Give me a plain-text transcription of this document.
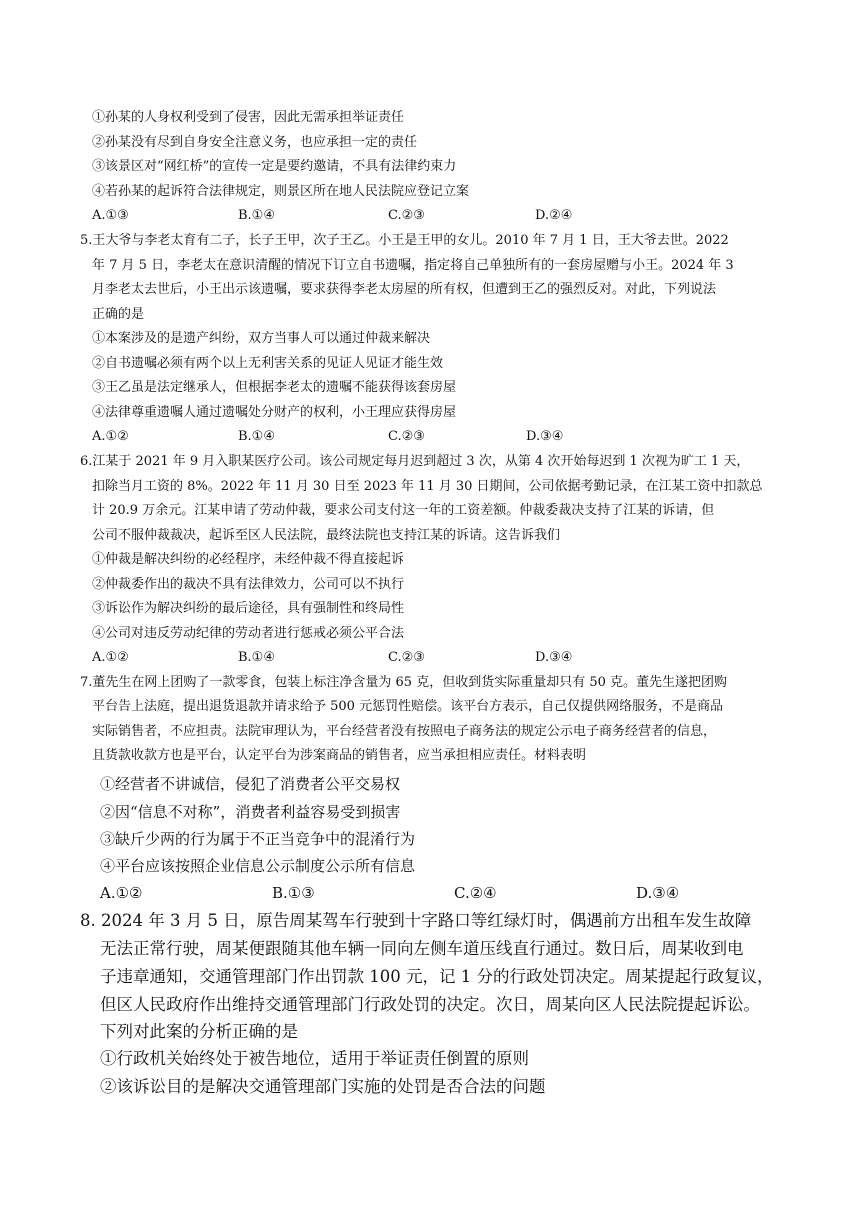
①孙某的人身权利受到了侵害，因此无需承担举证责任
②孙某没有尽到自身安全注意义务，也应承担一定的责任
③该景区对“网红桥”的宣传一定是要约邀请，不具有法律约束力
④若孙某的起诉符合法律规定，则景区所在地人民法院应登记立案
A.①③	B.①④	C.②③	D.②④
5.王大爷与李老太育有二子，长子王甲，次子王乙。小王是王甲的女儿。2010 年 7 月 1 日，王大爷去世。2022
年 7 月 5 日，李老太在意识清醒的情况下订立自书遗嘱，指定将自己单独所有的一套房屋赠与小王。2024 年 3
月李老太去世后，小王出示该遗嘱，要求获得李老太房屋的所有权，但遭到王乙的强烈反对。对此，下列说法
正确的是
①本案涉及的是遗产纠纷，双方当事人可以通过仲裁来解决
②自书遗嘱必须有两个以上无利害关系的见证人见证才能生效
③王乙虽是法定继承人，但根据李老太的遗嘱不能获得该套房屋
④法律尊重遗嘱人通过遗嘱处分财产的权利，小王理应获得房屋
A.①②	B.①④	C.②③	D.③④
6.江某于 2021 年 9 月入职某医疗公司。该公司规定每月迟到超过 3 次，从第 4 次开始每迟到 1 次视为旷工 1 天，
扣除当月工资的 8%。2022 年 11 月 30 日至 2023 年 11 月 30 日期间，公司依据考勤记录，在江某工资中扣款总
计 20.9 万余元。江某申请了劳动仲裁，要求公司支付这一年的工资差额。仲裁委裁决支持了江某的诉请，但
公司不服仲裁裁决，起诉至区人民法院，最终法院也支持江某的诉请。这告诉我们
①仲裁是解决纠纷的必经程序，未经仲裁不得直接起诉
②仲裁委作出的裁决不具有法律效力，公司可以不执行
③诉讼作为解决纠纷的最后途径，具有强制性和终局性
④公司对违反劳动纪律的劳动者进行惩戒必须公平合法
A.①②	B.①④	C.②③	D.③④
7.董先生在网上团购了一款零食，包装上标注净含量为 65 克，但收到货实际重量却只有 50 克。董先生遂把团购
平台告上法庭，提出退货退款并请求给予 500 元惩罚性赔偿。该平台方表示，自己仅提供网络服务，不是商品
实际销售者，不应担责。法院审理认为，平台经营者没有按照电子商务法的规定公示电子商务经营者的信息，
且货款收款方也是平台，认定平台为涉案商品的销售者，应当承担相应责任。材料表明
①经营者不讲诚信，侵犯了消费者公平交易权
②因“信息不对称”，消费者利益容易受到损害
③缺斤少两的行为属于不正当竞争中的混淆行为
④平台应该按照企业信息公示制度公示所有信息
A.①②	B.①③	C.②④	D.③④
8. 2024 年 3 月 5 日，原告周某驾车行驶到十字路口等红绿灯时，偶遇前方出租车发生故障
无法正常行驶，周某便跟随其他车辆一同向左侧车道压线直行通过。数日后，周某收到电
子违章通知，交通管理部门作出罚款 100 元，记 1 分的行政处罚决定。周某提起行政复议，
但区人民政府作出维持交通管理部门行政处罚的决定。次日，周某向区人民法院提起诉讼。
下列对此案的分析正确的是
①行政机关始终处于被告地位，适用于举证责任倒置的原则
②该诉讼目的是解决交通管理部门实施的处罚是否合法的问题
